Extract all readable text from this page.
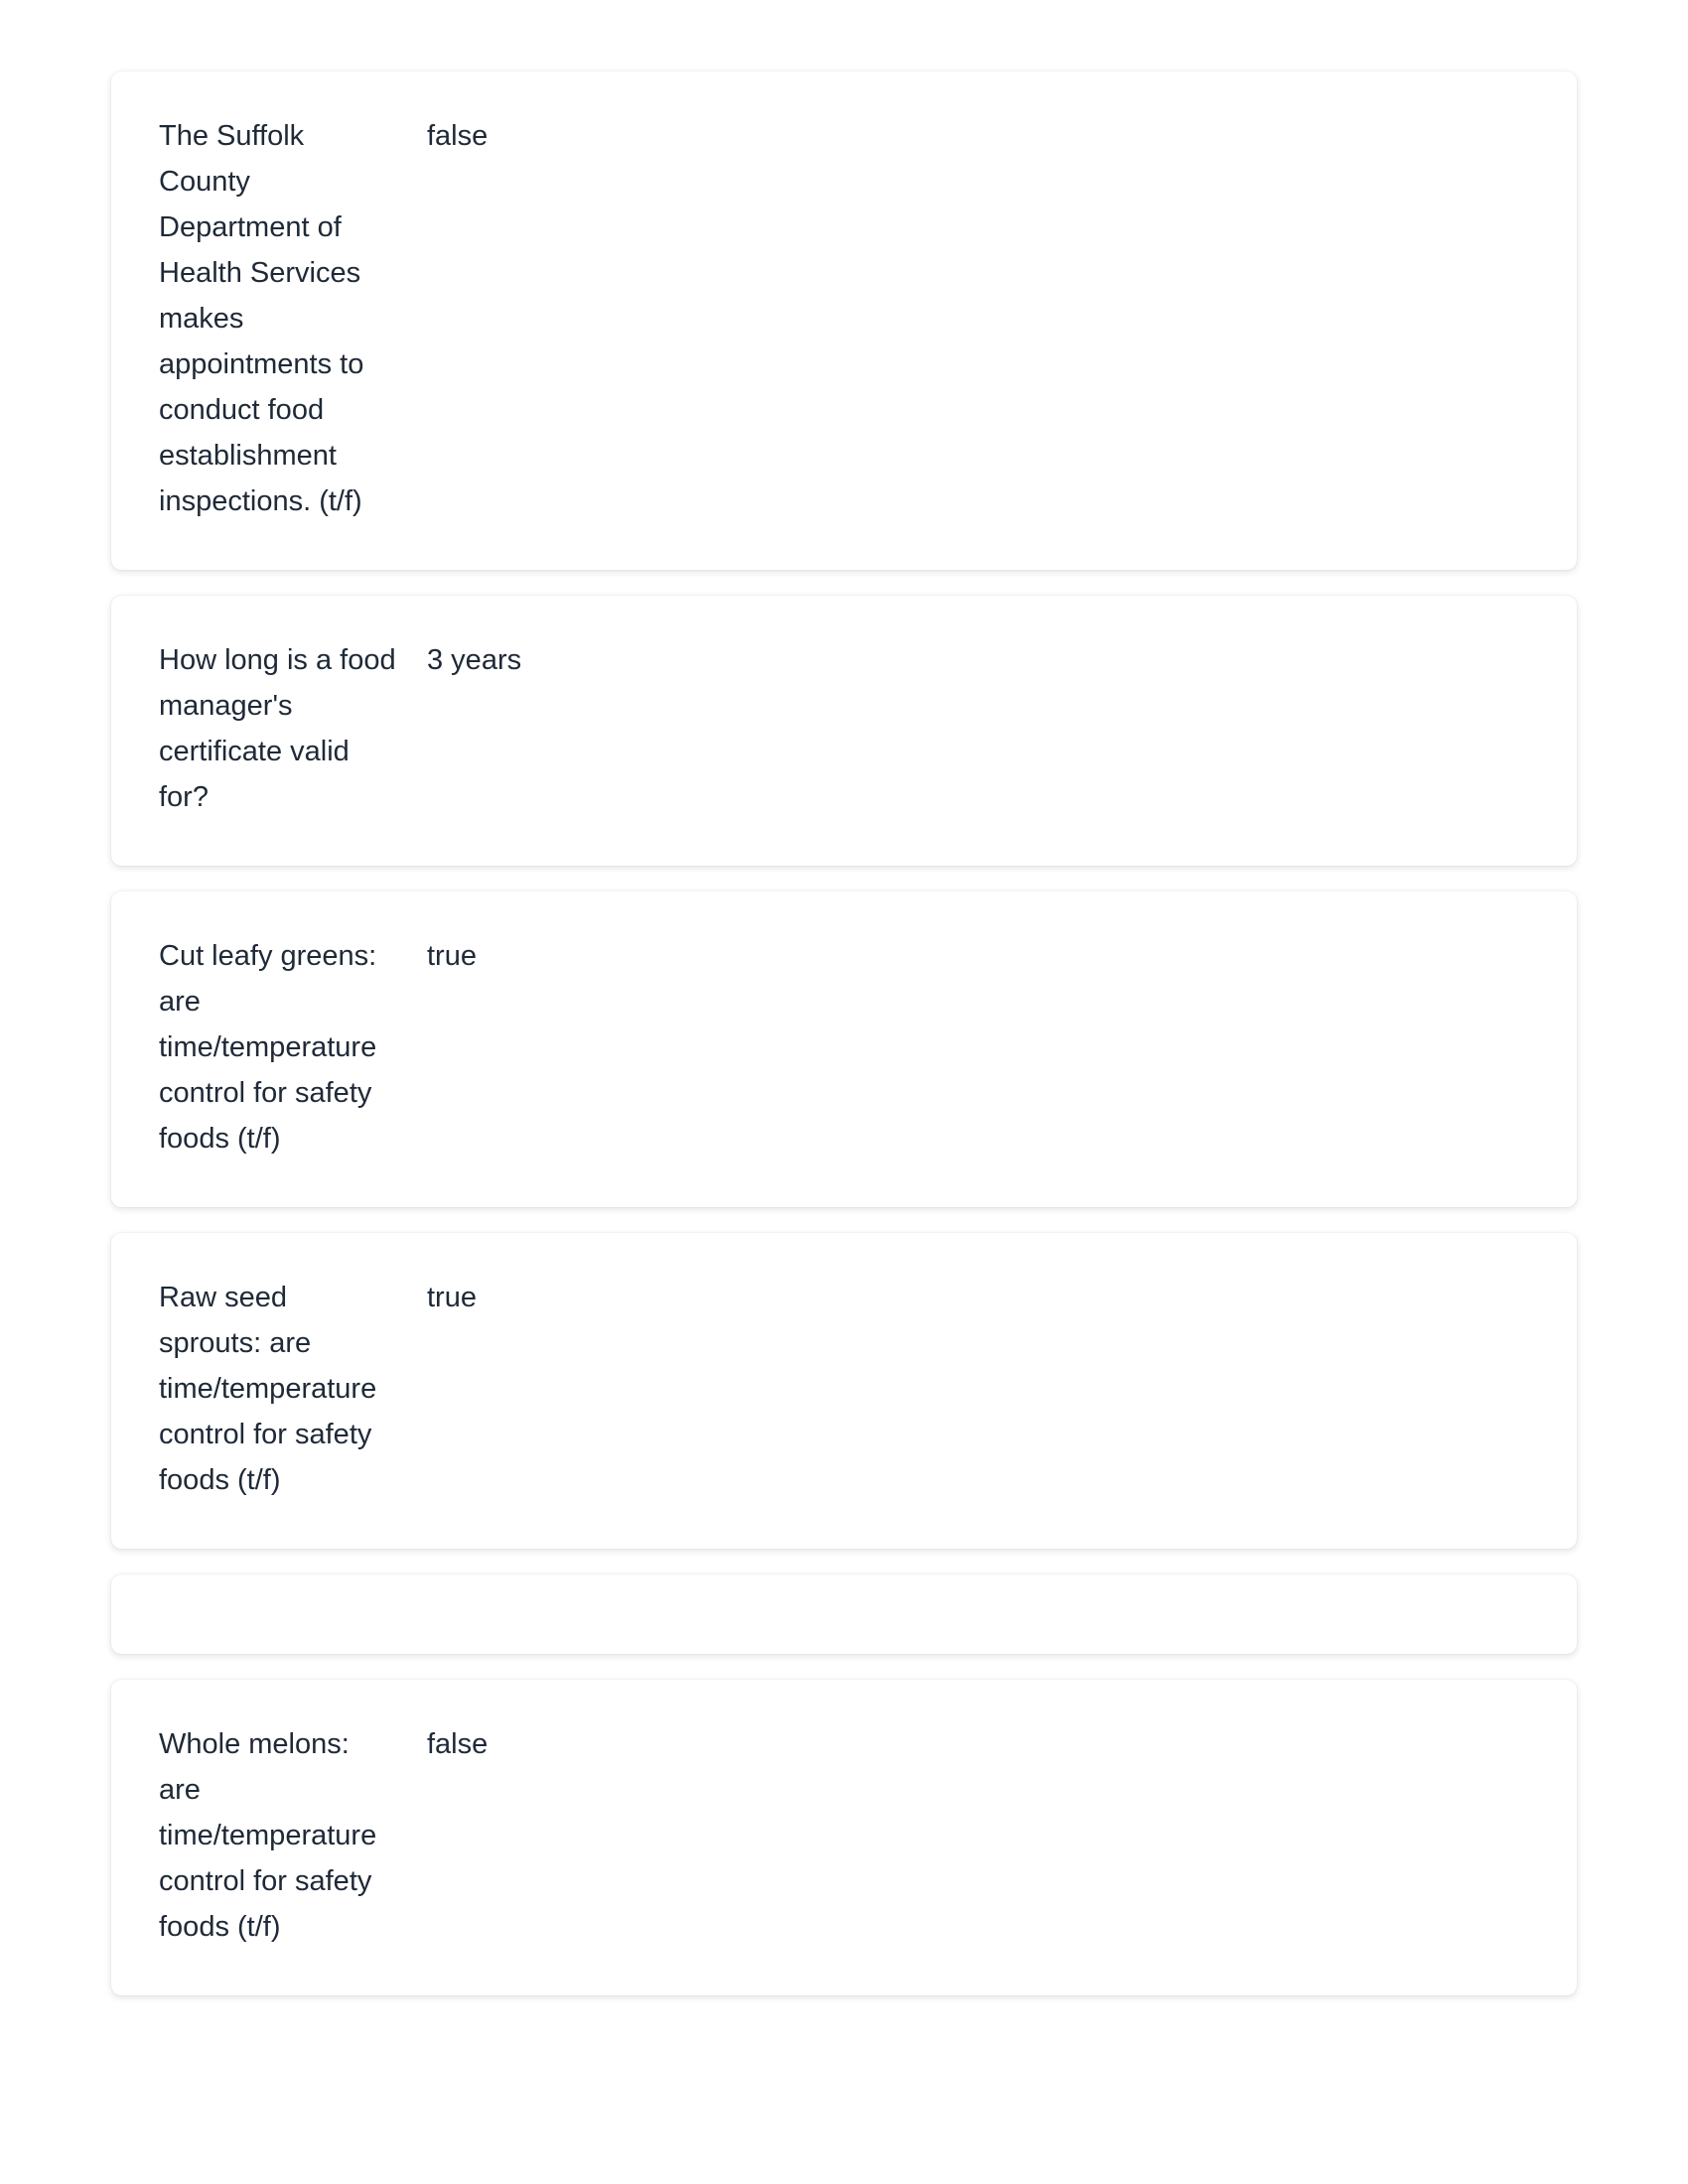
The Suffolk County Department of Health Services makes appointments to conduct food establishment inspections. (t/f)
false
How long is a food manager's certificate valid for?
3 years
Cut leafy greens: are time/temperature control for safety foods (t/f)
true
Raw seed sprouts: are time/temperature control for safety foods (t/f)
true
Whole melons: are time/temperature control for safety foods (t/f)
false
